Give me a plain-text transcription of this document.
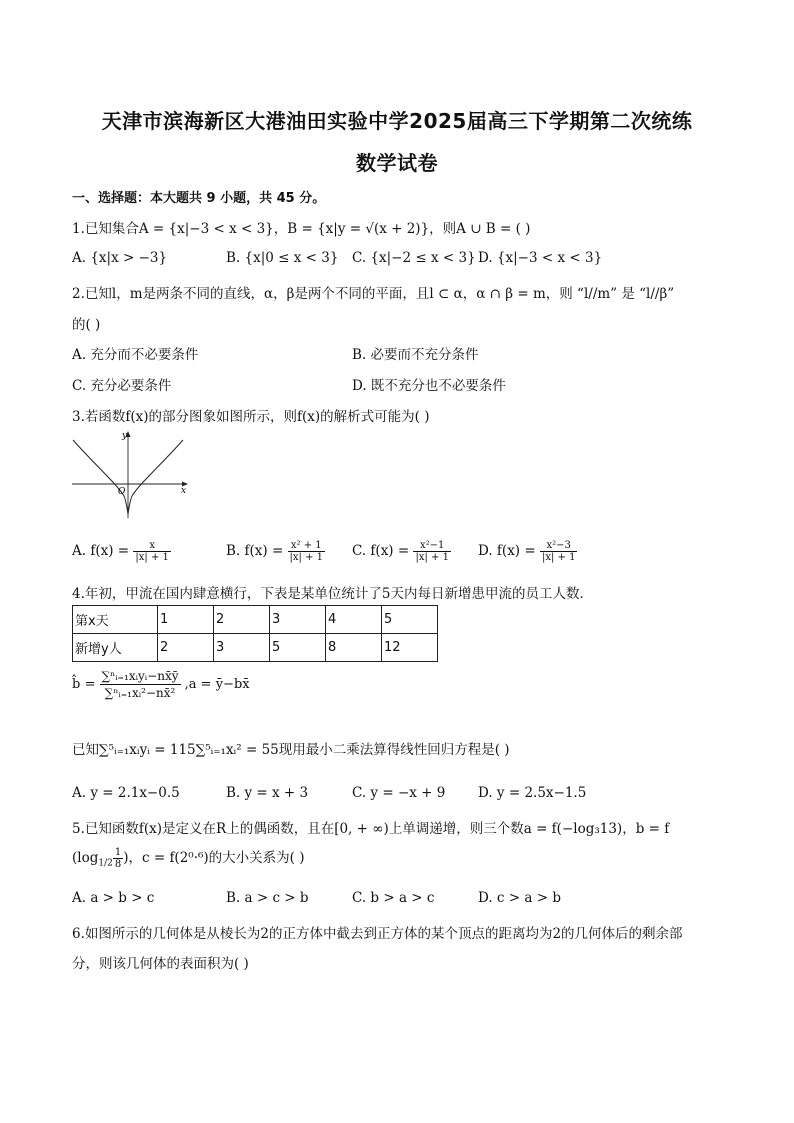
天津市滨海新区大港油田实验中学2025届高三下学期第二次统练
数学试卷
一、选择题：本大题共 9 小题，共 45 分。
1.已知集合A = {x|−3 < x < 3}，B = {x|y = √(x + 2)}，则A ∪ B = ( )
A. {x|x > −3}	B. {x|0 ≤ x < 3} C. {x|−2 ≤ x < 3} D. {x|−3 < x < 3}
2.已知l，m是两条不同的直线，α，β是两个不同的平面，且l ⊂ α，α ∩ β = m，则 “l//m” 是 “l//β”
的( )
A. 充分而不必要条件	B. 必要而不充分条件
C. 充分必要条件	D. 既不充分也不必要条件
3.若函数f(x)的部分图象如图所示，则f(x)的解析式可能为( )
y
x
O
A. $f(x) = \frac{x}{|x| + 1}$	B. $f(x) = \frac{\text{x² + 1}}{|x| + 1} C$. $f(x) = \frac{\text{x²−1}}{|x| + 1} D$. $f(x) = \frac{\text{x²−3}}{|x| + 1}$
4.年初，甲流在国内肆意横行，下表是某单位统计了5天内每日新增患甲流的员工人数．
第x天	1	2	3	4	5
新增y人	2	3	5	8	12
b̂ = $\frac{\text{∑ⁿᵢ₌₁xᵢyᵢ−nx̄ȳ}}{\text{∑ⁿᵢ₌₁xᵢ²−nx̄²}} ,a$ = ȳ−bx̄
已知∑⁵ᵢ₌₁xᵢyᵢ = 115∑⁵ᵢ₌₁xᵢ² = 55现用最小二乘法算得线性回归方程是( )
A. y = 2.1x−0.5	B. y = x + 3	C. y = −x + 9 D. y = 2.5x−1.5
5.已知函数f(x)是定义在R上的偶函数，且在[0, + ∞)上单调递增，则三个数a = f(−log₃13)，b = f
($\log_{1/2} \frac{1}{8}$ )，c = f(2⁰·⁶)的大小关系为( )
A. a > b > c	B. a > c > b	C. b > a > c	D. c > a > b
6.如图所示的几何体是从棱长为2的正方体中截去到正方体的某个顶点的距离均为2的几何体后的剩余部
分，则该几何体的表面积为( )
